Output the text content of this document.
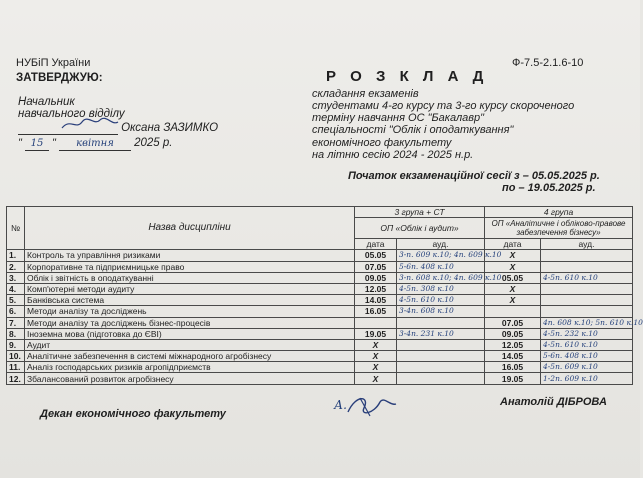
НУБіП України
ЗАТВЕРДЖУЮ:
Начальник
навчального відділу
Оксана ЗАЗИМКО
" 15 " квітня 2025 р.
Ф-7.5-2.1.6-10
Р О З К Л А Д
складання екзаменів
студентами 4-го курсу та 3-го курсу скороченого
терміну навчання ОС "Бакалавр"
спеціальності "Облік і оподаткування"
економічного факультету
на літню сесію 2024 - 2025 н.р.
Початок екзаменаційної сесії з – 05.05.2025 р.
по – 19.05.2025 р.
№	Назва дисципліни	3 група + СТ		4 група	
		ОП «Облік і аудит»		ОП «Аналітичне і обліково-правове забезпечення бізнесу»	
		дата	ауд.	дата	ауд.
1.	Контроль та управління ризиками	05.05	3-п. 609 к.10; 4п. 609 к.10	X	
2.	Корпоративне та підприємницьке право	07.05	5-6п. 408 к.10	X	
3.	Облік і звітність в оподаткуванні	09.05	3-п. 608 к.10; 4п. 609 к.10	05.05	4-5п. 610 к.10
4.	Комп'ютерні методи аудиту	12.05	4-5п. 308 к.10	X	
5.	Банківська система	14.05	4-5п. 610 к.10	X	
6.	Методи аналізу та досліджень	16.05	3-4п. 608 к.10		
7.	Методи аналізу та досліджень бізнес-процесів			07.05	4п. 608 к.10; 5п. 610 к.10
8.	Іноземна мова (підготовка до ЄВІ)	19.05	3-4п. 231 к.10	09.05	4-5п. 232 к.10
9.	Аудит	X		12.05	4-5п. 610 к.10
10.	Аналітичне забезпечення в системі міжнародного агробізнесу	X		14.05	5-6п. 408 к.10
11.	Аналіз господарських ризиків агропідприємств	X		16.05	4-5п. 609 к.10
12.	Збалансований розвиток агробізнесу	X		19.05	1-2п. 609 к.10
Декан економічного факультету
А.	Анатолій ДІБРОВА
